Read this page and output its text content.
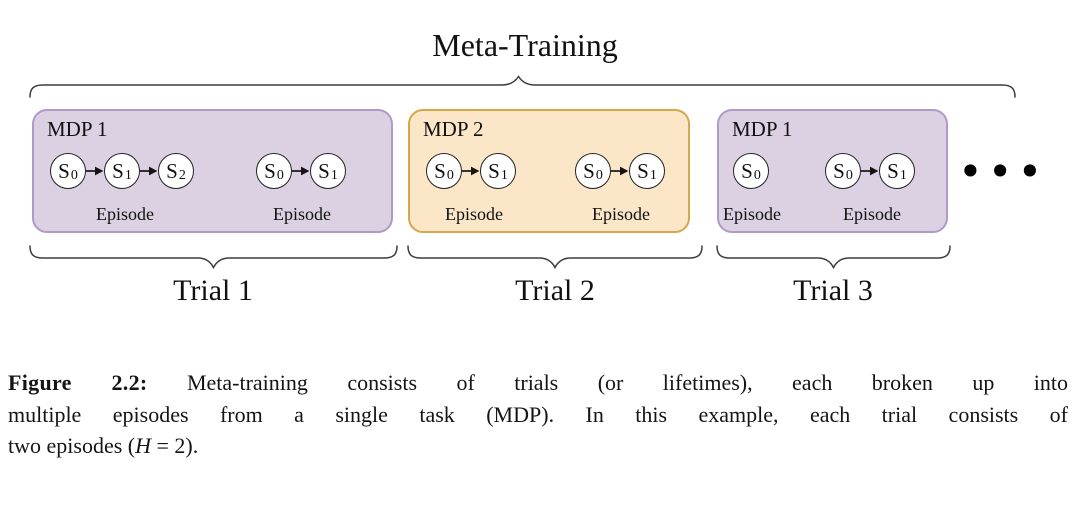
Meta-Training
MDP 1
$S_0$ $S_1$ $S_2$	$S_0$ $S_1$
Episode	Episode
MDP 2
$S_0$ $S_1$	$S_0$ $S_1$
Episode	Episode
MDP 1
$S_0$	$S_0$ $S_1$
Episode	Episode
•••
Trial 1	Trial 2	Trial 3
Figure 2.2: Meta-training consists of trials (or lifetimes), each broken up into
multiple episodes from a single task (MDP). In this example, each trial consists of
two episodes (H = 2).
